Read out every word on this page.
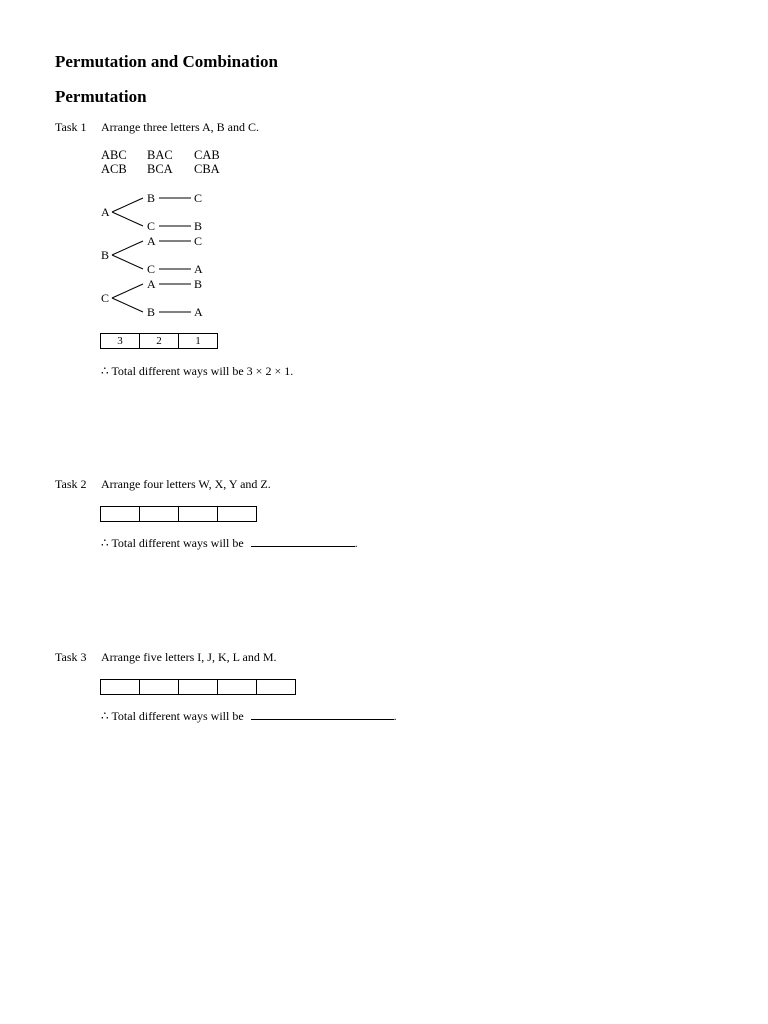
Permutation and Combination
Permutation
Task 1 Arrange three letters A, B and C.
ABC BAC CAB
ACB BCA CBA
A
B	C
C	B
B
A	C
C	A
C
A	B
B	A
3	2	1
∴ Total different ways will be 3 × 2 × 1.
Task 2 Arrange four letters W, X, Y and Z.
∴ Total different ways will be	.
Task 3 Arrange five letters I, J, K, L and M.
∴ Total different ways will be	.
